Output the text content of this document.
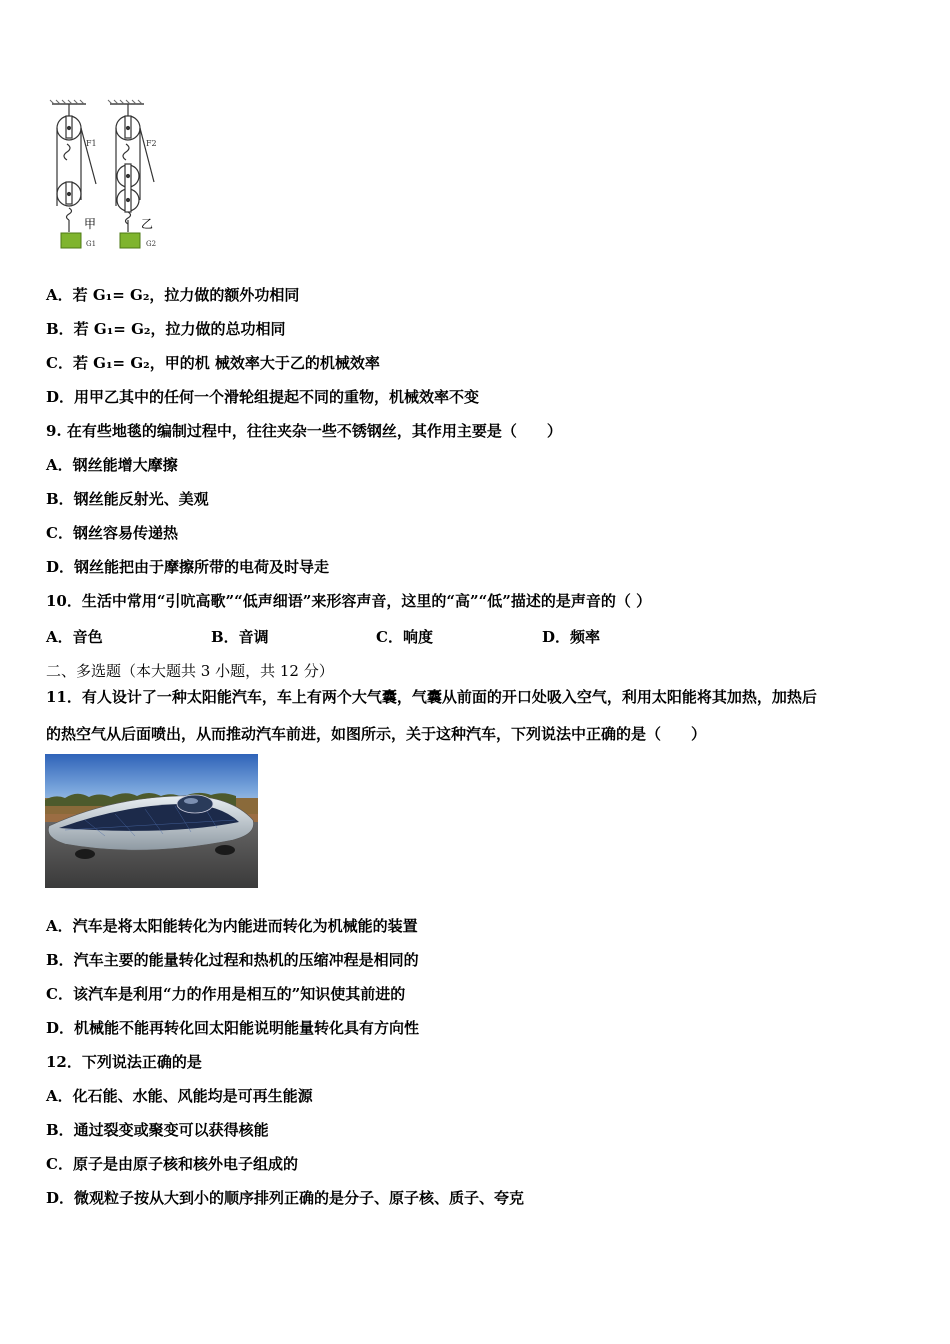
F1
甲
G1
F2
乙
G2
A．若 G₁= G₂，拉力做的额外功相同
B．若 G₁= G₂，拉力做的总功相同
C．若 G₁= G₂，甲的机 械效率大于乙的机械效率
D．用甲乙其中的任何一个滑轮组提起不同的重物，机械效率不变
9. 在有些地毯的编制过程中，往往夹杂一些不锈钢丝，其作用主要是（　　）
A．钢丝能增大摩擦
B．钢丝能反射光、美观
C．钢丝容易传递热
D．钢丝能把由于摩擦所带的电荷及时导走
10．生活中常用“引吭高歌”“低声细语”来形容声音，这里的“高”“低”描述的是声音的（ ）
A．音色	B．音调	C．响度	D．频率
二、多选题（本大题共 3 小题，共 12 分）
11．有人设计了一种太阳能汽车，车上有两个大气囊，气囊从前面的开口处吸入空气，利用太阳能将其加热，加热后
的热空气从后面喷出，从而推动汽车前进，如图所示，关于这种汽车，下列说法中正确的是（　　）
A．汽车是将太阳能转化为内能进而转化为机械能的装置
B．汽车主要的能量转化过程和热机的压缩冲程是相同的
C．该汽车是利用“力的作用是相互的”知识使其前进的
D．机械能不能再转化回太阳能说明能量转化具有方向性
12．下列说法正确的是
A．化石能、水能、风能均是可再生能源
B．通过裂变或聚变可以获得核能
C．原子是由原子核和核外电子组成的
D．微观粒子按从大到小的顺序排列正确的是分子、原子核、质子、夸克
